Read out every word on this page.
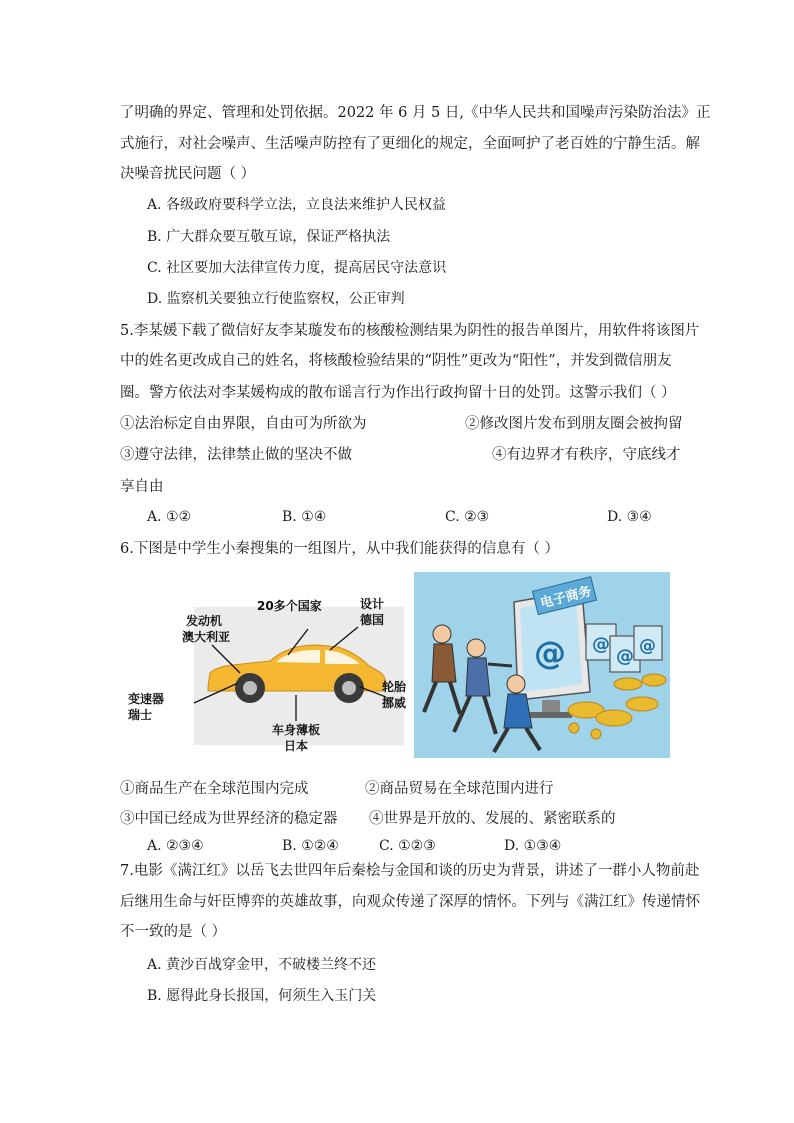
了明确的界定、管理和处罚依据。2022 年 6 月 5 日,《中华人民共和国噪声污染防治法》正
式施行，对社会噪声、生活噪声防控有了更细化的规定，全面呵护了老百姓的宁静生活。解
决噪音扰民问题（ ）
A. 各级政府要科学立法，立良法来维护人民权益
B. 广大群众要互敬互谅，保证严格执法
C. 社区要加大法律宣传力度，提高居民守法意识
D. 监察机关要独立行使监察权，公正审判
5.李某媛下载了微信好友李某璇发布的核酸检测结果为阴性的报告单图片，用软件将该图片
中的姓名更改成自己的姓名，将核酸检验结果的“阴性”更改为“阳性”，并发到微信朋友
圈。警方依法对李某媛构成的散布谣言行为作出行政拘留十日的处罚。这警示我们（ ）
①法治标定自由界限，自由可为所欲为	②修改图片发布到朋友圈会被拘留
③遵守法律，法律禁止做的坚决不做	④有边界才有秩序，守底线才
享自由
A. ①②	B. ①④	C. ②③	D. ③④
6.下图是中学生小秦搜集的一组图片，从中我们能获得的信息有（ ）
20多个国家	设计
德国
发动机
澳大利亚
变速器
瑞士
轮胎
挪威
车身薄板
日本
@
电子商务
@
@ @
①商品生产在全球范围内完成	②商品贸易在全球范围内进行
③中国已经成为世界经济的稳定器 ④世界是开放的、发展的、紧密联系的
A. ②③④	B. ①②④	C. ①②③	D. ①③④
7.电影《满江红》以岳飞去世四年后秦桧与金国和谈的历史为背景，讲述了一群小人物前赴
后继用生命与奸臣博弈的英雄故事，向观众传递了深厚的情怀。下列与《满江红》传递情怀
不一致的是（ ）
A. 黄沙百战穿金甲，不破楼兰终不还
B. 愿得此身长报国，何须生入玉门关
